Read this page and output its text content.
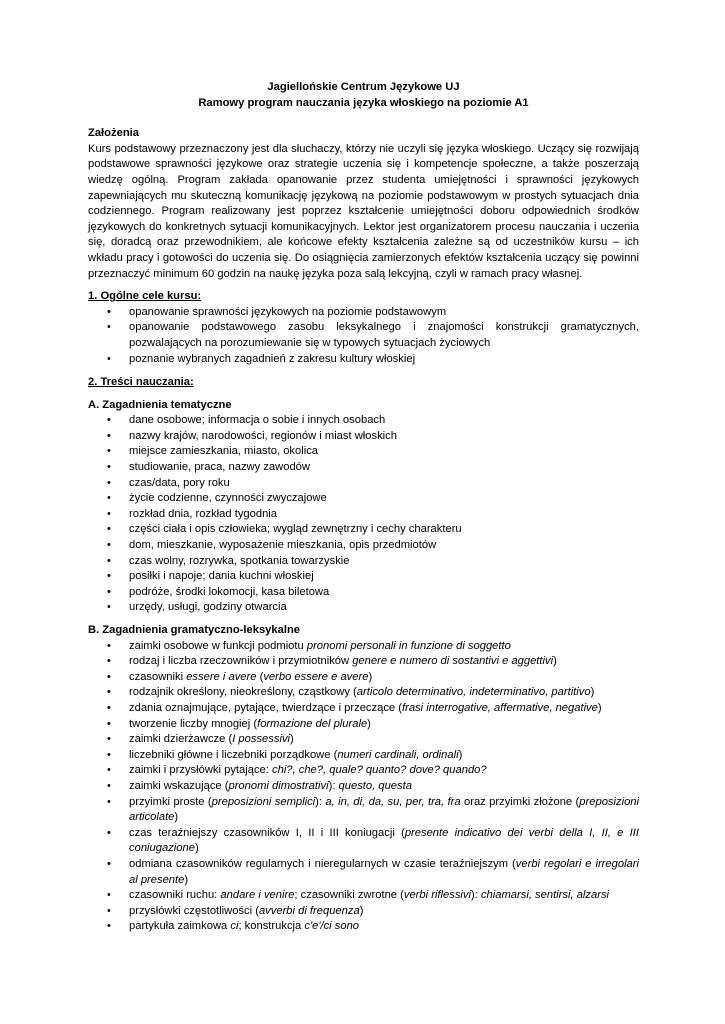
Jagiellońskie Centrum Językowe UJ
Ramowy program nauczania języka włoskiego na poziomie A1
Założenia

Kurs podstawowy przeznaczony jest dla słuchaczy, którzy nie uczyli się języka włoskiego. Uczący się rozwijają podstawowe sprawności językowe oraz strategie uczenia się i kompetencje społeczne, a także poszerzają wiedzę ogólną. Program zakłada opanowanie przez studenta umiejętności i sprawności językowych zapewniających mu skuteczną komunikację językową na poziomie podstawowym w prostych sytuacjach dnia codziennego. Program realizowany jest poprzez kształcenie umiejętności doboru odpowiednich środków językowych do konkretnych sytuacji komunikacyjnych. Lektor jest organizatorem procesu nauczania i uczenia się, doradcą oraz przewodnikiem, ale końcowe efekty kształcenia zależne są od uczestników kursu – ich wkładu pracy i gotowości do uczenia się. Do osiągnięcia zamierzonych efektów kształcenia uczący się powinni przeznaczyć minimum 60 godzin na naukę języka poza salą lekcyjną, czyli w ramach pracy własnej.

1. Ogólne cele kursu:
• opanowanie sprawności językowych na poziomie podstawowym
• opanowanie podstawowego zasobu leksykalnego i znajomości konstrukcji gramatycznych, pozwalających na porozumiewanie się w typowych sytuacjach życiowych
• poznanie wybranych zagadnień z zakresu kultury włoskiej
2. Treści nauczania:
A. Zagadnienia tematyczne
• dane osobowe; informacja o sobie i innych osobach
• nazwy krajów, narodowości, regionów i miast włoskich
• miejsce zamieszkania, miasto, okolica
• studiowanie, praca, nazwy zawodów
• czas/data, pory roku
• życie codzienne, czynności zwyczajowe
• rozkład dnia, rozkład tygodnia
• części ciała i opis człowieka; wygląd zewnętrzny i cechy charakteru
• dom, mieszkanie, wyposażenie mieszkania, opis przedmiotów
• czas wolny, rozrywka, spotkania towarzyskie
• posiłki i napoje; dania kuchni włoskiej
• podróże, środki lokomocji, kasa biletowa
• urzędy, usługi, godziny otwarcia
B. Zagadnienia gramatyczno-leksykalne
• zaimki osobowe w funkcji podmiotu pronomi personali in funzione di soggetto
• rodzaj i liczba rzeczowników i przymiotników genere e numero di sostantivi e aggettivi)
• czasowniki essere i avere (verbo essere e avere)
• rodzajnik określony, nieokreślony, cząstkowy (articolo determinativo, indeterminativo, partitivo)
• zdania oznajmujące, pytające, twierdzące i przeczące (frasi interrogative, affermative, negative)
• tworzenie liczby mnogiej (formazione del plurale)
• zaimki dzierżawcze (I possessivi)
• liczebniki główne i liczebniki porządkowe (numeri cardinali, ordinali)
• zaimki i przysłówki pytające: chi?, che?, quale? quanto? dove? quando?
• zaimki wskazujące (pronomi dimostrativi): questo, questa
• przyimki proste (preposizioni semplici): a, in, di, da, su, per, tra, fra oraz przyimki złożone (preposizioni articolate)
• czas teraźniejszy czasowników I, II i III koniugacji (presente indicativo dei verbi della I, II, e III coniugazione)
• odmiana czasowników regularnych i nieregularnych w czasie teraźniejszym (verbi regolari e irregolari al presente)
• czasowniki ruchu: andare i venire; czasowniki zwrotne (verbi riflessivi): chiamarsi, sentirsi, alzarsi
• przysłówki częstotliwości (avverbi di frequenza)
• partykuła zaimkowa ci; konstrukcja c'e'/ci sono
